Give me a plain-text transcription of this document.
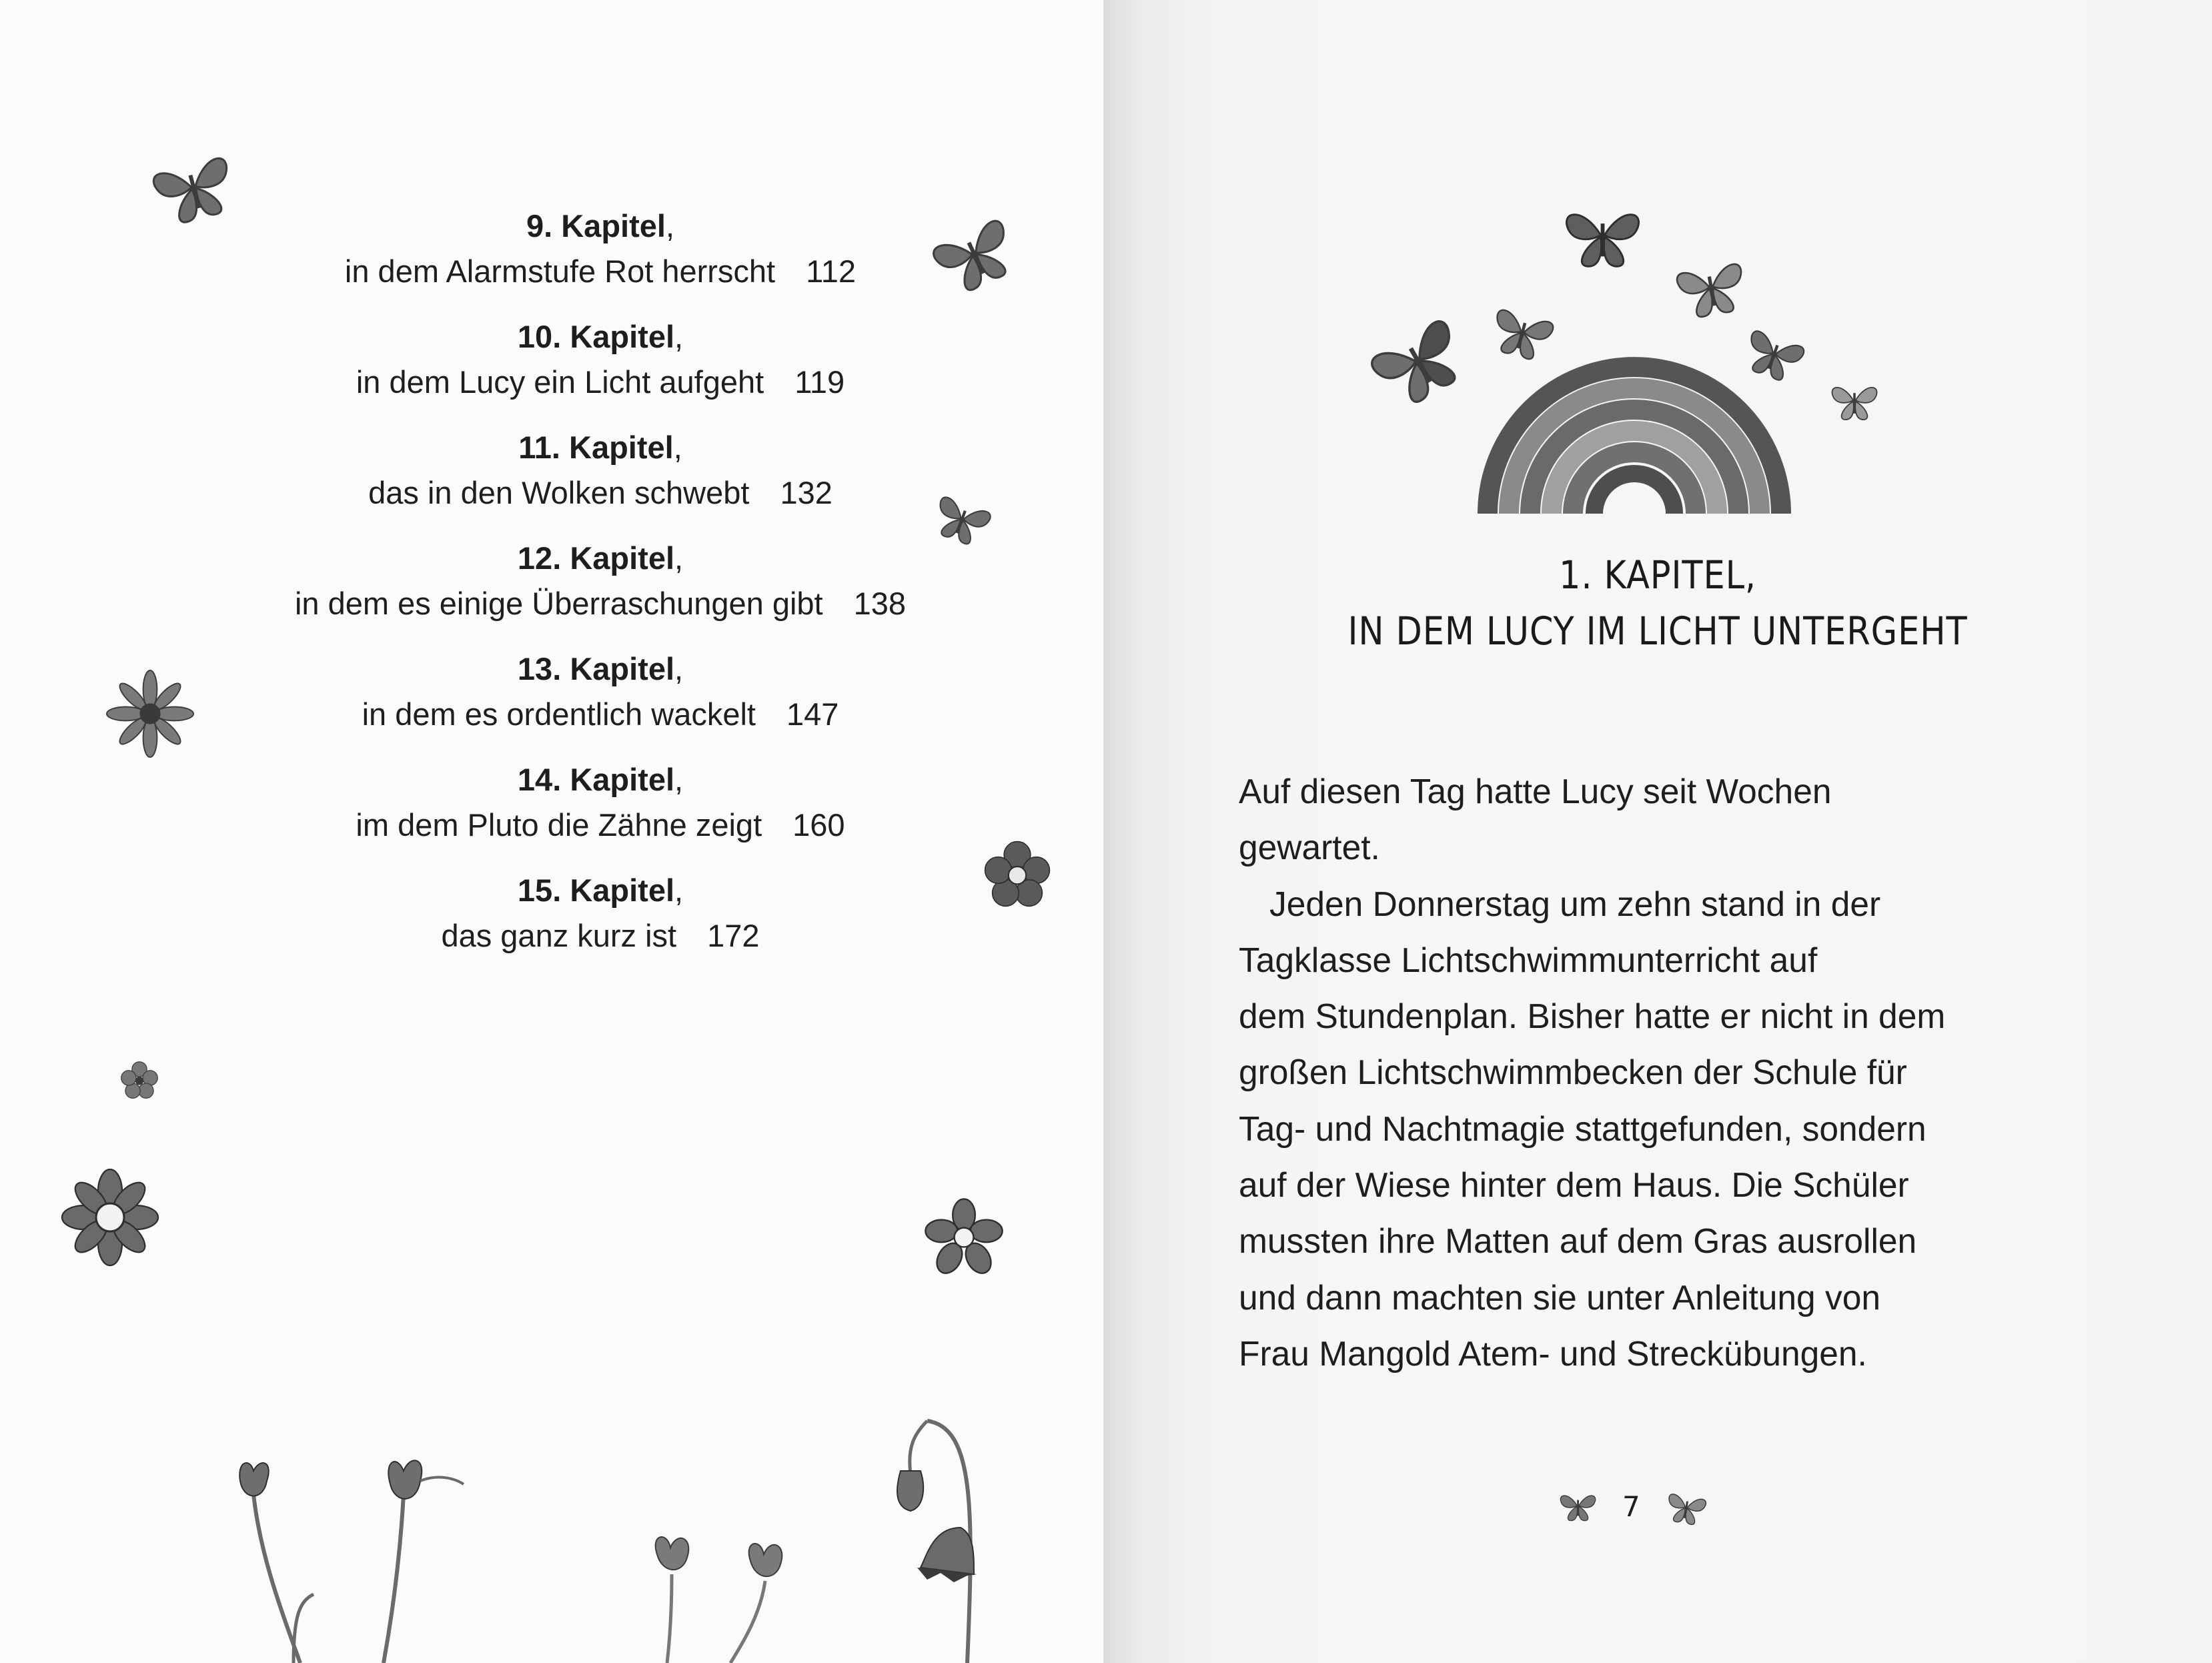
9. Kapitel,
in dem Alarmstufe Rot herrscht 112
10. Kapitel,
in dem Lucy ein Licht aufgeht 119
11. Kapitel,
das in den Wolken schwebt 132
12. Kapitel,
in dem es einige Überraschungen gibt 138
13. Kapitel,
in dem es ordentlich wackelt 147
14. Kapitel,
im dem Pluto die Zähne zeigt 160
15. Kapitel,
das ganz kurz ist 172
1. KAPITEL,
IN DEM LUCY IM LICHT UNTERGEHT

Auf diesen Tag hatte Lucy seit Wochen

gewartet.

Jeden Donnerstag um zehn stand in der

Tagklasse Lichtschwimmunterricht auf

dem Stundenplan. Bisher hatte er nicht in dem

großen Lichtschwimmbecken der Schule für

Tag- und Nachtmagie stattgefunden, sondern

auf der Wiese hinter dem Haus. Die Schüler

mussten ihre Matten auf dem Gras ausrollen

und dann machten sie unter Anleitung von

Frau Mangold Atem- und Streckübungen.

7
